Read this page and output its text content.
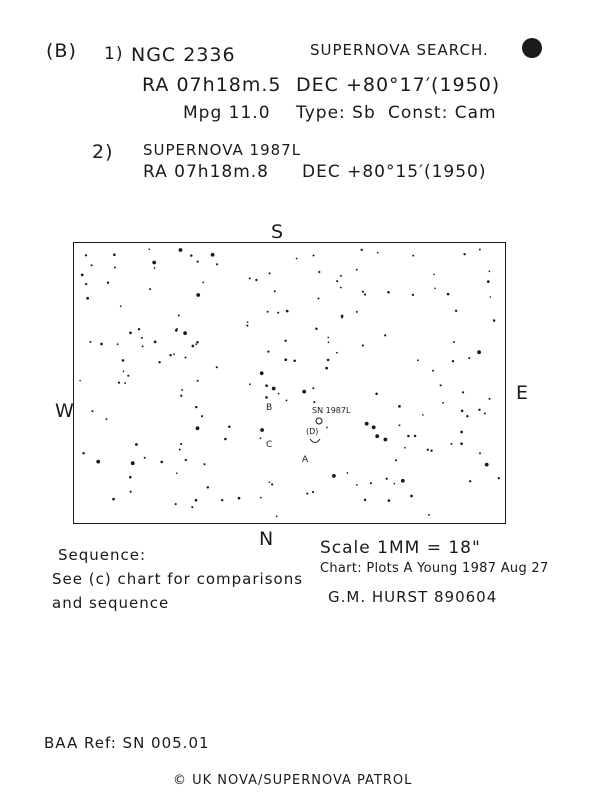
(B) 1) NGC 2336	SUPERNOVA SEARCH.
RA 07h18m.5 DEC +80°17′(1950)
Mpg 11.0 Type: Sb Const: Cam
2) SUPERNOVA 1987L
RA 07h18m.8 DEC +80°15′(1950)
S
W
E
N
B	SN 1987L
(D)
C
A
Sequence:
See (c) chart for comparisons
and sequence
Scale 1MM = 18"
Chart: Plots A Young 1987 Aug 27
G.M. HURST 890604
BAA Ref: SN 005.01
© UK NOVA/SUPERNOVA PATROL
